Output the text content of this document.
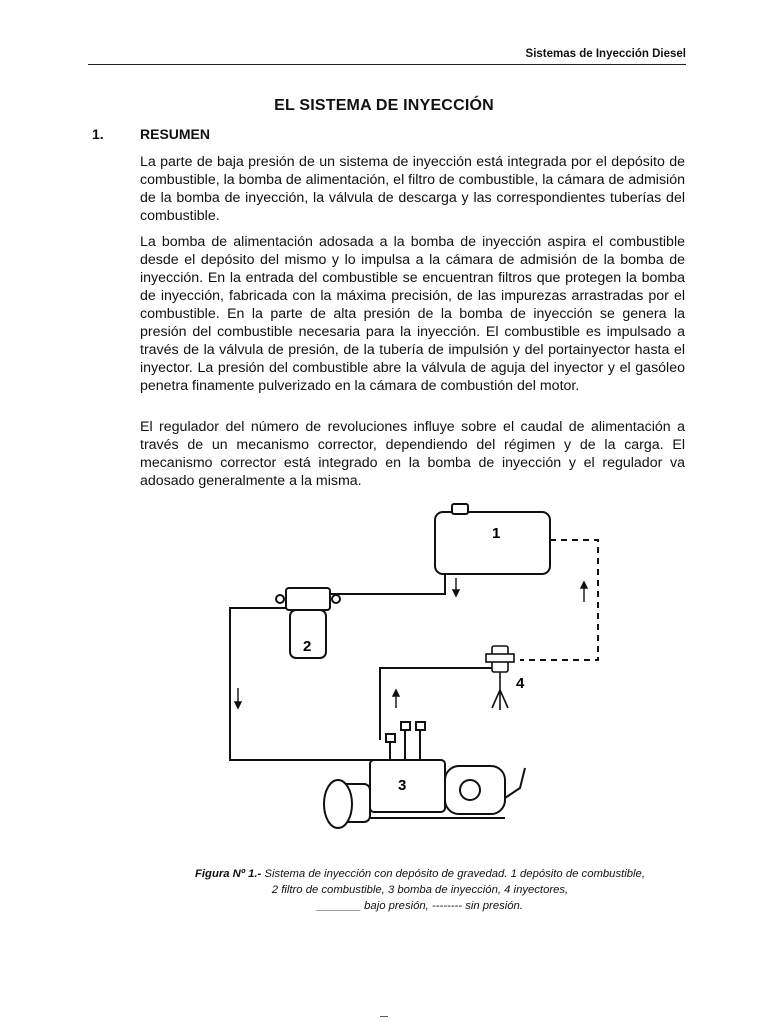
Sistemas de Inyección Diesel
EL SISTEMA DE INYECCIÓN
1.	RESUMEN

La parte de baja presión de un sistema de inyección está integrada por el depósito de combustible, la bomba de alimentación, el filtro de combustible, la cámara de admisión de la bomba de inyección, la válvula de descarga y las correspondientes tuberías del combustible.

La bomba de alimentación adosada a la bomba de inyección aspira el combustible desde el depósito del mismo y lo impulsa a la cámara de admisión de la bomba de inyección. En la entrada del combustible se encuentran filtros que protegen la bomba de inyección, fabricada con la máxima precisión, de las impurezas arrastradas por el combustible. En la parte de alta presión de la bomba de inyección se genera la presión del combustible necesaria para la inyección. El combustible es impulsado a través de la válvula de presión, de la tubería de impulsión y del portainyector hasta el inyector. La presión del combustible abre la válvula de aguja del inyector y el gasóleo penetra finamente pulverizado en la cámara de combustión del motor.

El regulador del número de revoluciones influye sobre el caudal de alimentación a través de un mecanismo corrector, dependiendo del régimen y de la carga. El mecanismo corrector está integrado en la bomba de inyección y el regulador va adosado generalmente a la misma.

1
2
4
3
Figura Nº 1.- Sistema de inyección con depósito de gravedad. 1 depósito de combustible,
2 filtro de combustible, 3 bomba de inyección, 4 inyectores,
_______ bajo presión, -------- sin presión.
